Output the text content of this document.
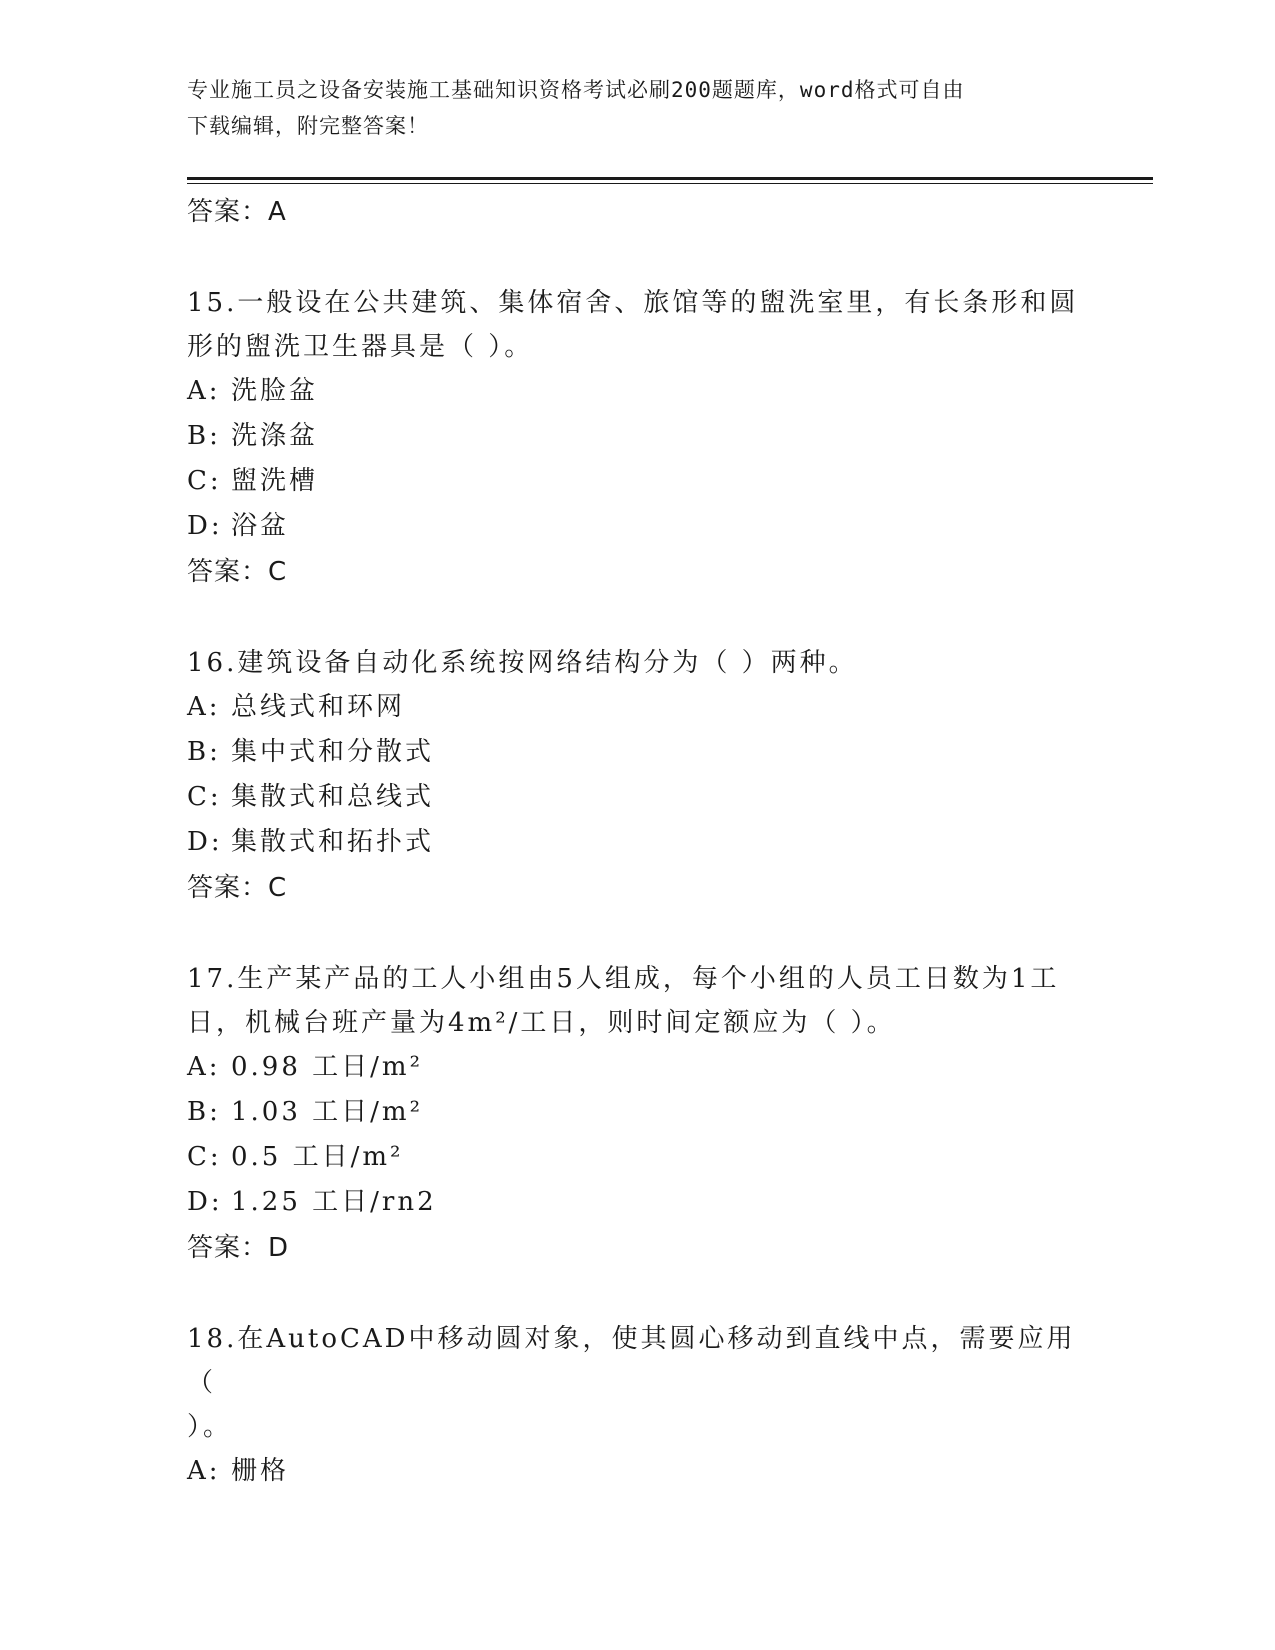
专业施工员之设备安装施工基础知识资格考试必刷200题题库，word格式可自由
下载编辑，附完整答案！
答案：A
15.一般设在公共建筑、集体宿舍、旅馆等的盥洗室里，有长条形和圆
形的盥洗卫生器具是（ ）。
A: 洗脸盆
B: 洗涤盆
C: 盥洗槽
D: 浴盆
答案：C
16.建筑设备自动化系统按网络结构分为（ ）两种。
A: 总线式和环网
B: 集中式和分散式
C: 集散式和总线式
D: 集散式和拓扑式
答案：C
17.生产某产品的工人小组由5人组成，每个小组的人员工日数为1工
日，机械台班产量为4m²/工日，则时间定额应为（ ）。
A: 0.98 工日/m²
B: 1.03 工日/m²
C: 0.5 工日/m²
D: 1.25 工日/rn2
答案：D
18.在AutoCAD中移动圆对象，使其圆心移动到直线中点，需要应用（
）。
A: 栅格
